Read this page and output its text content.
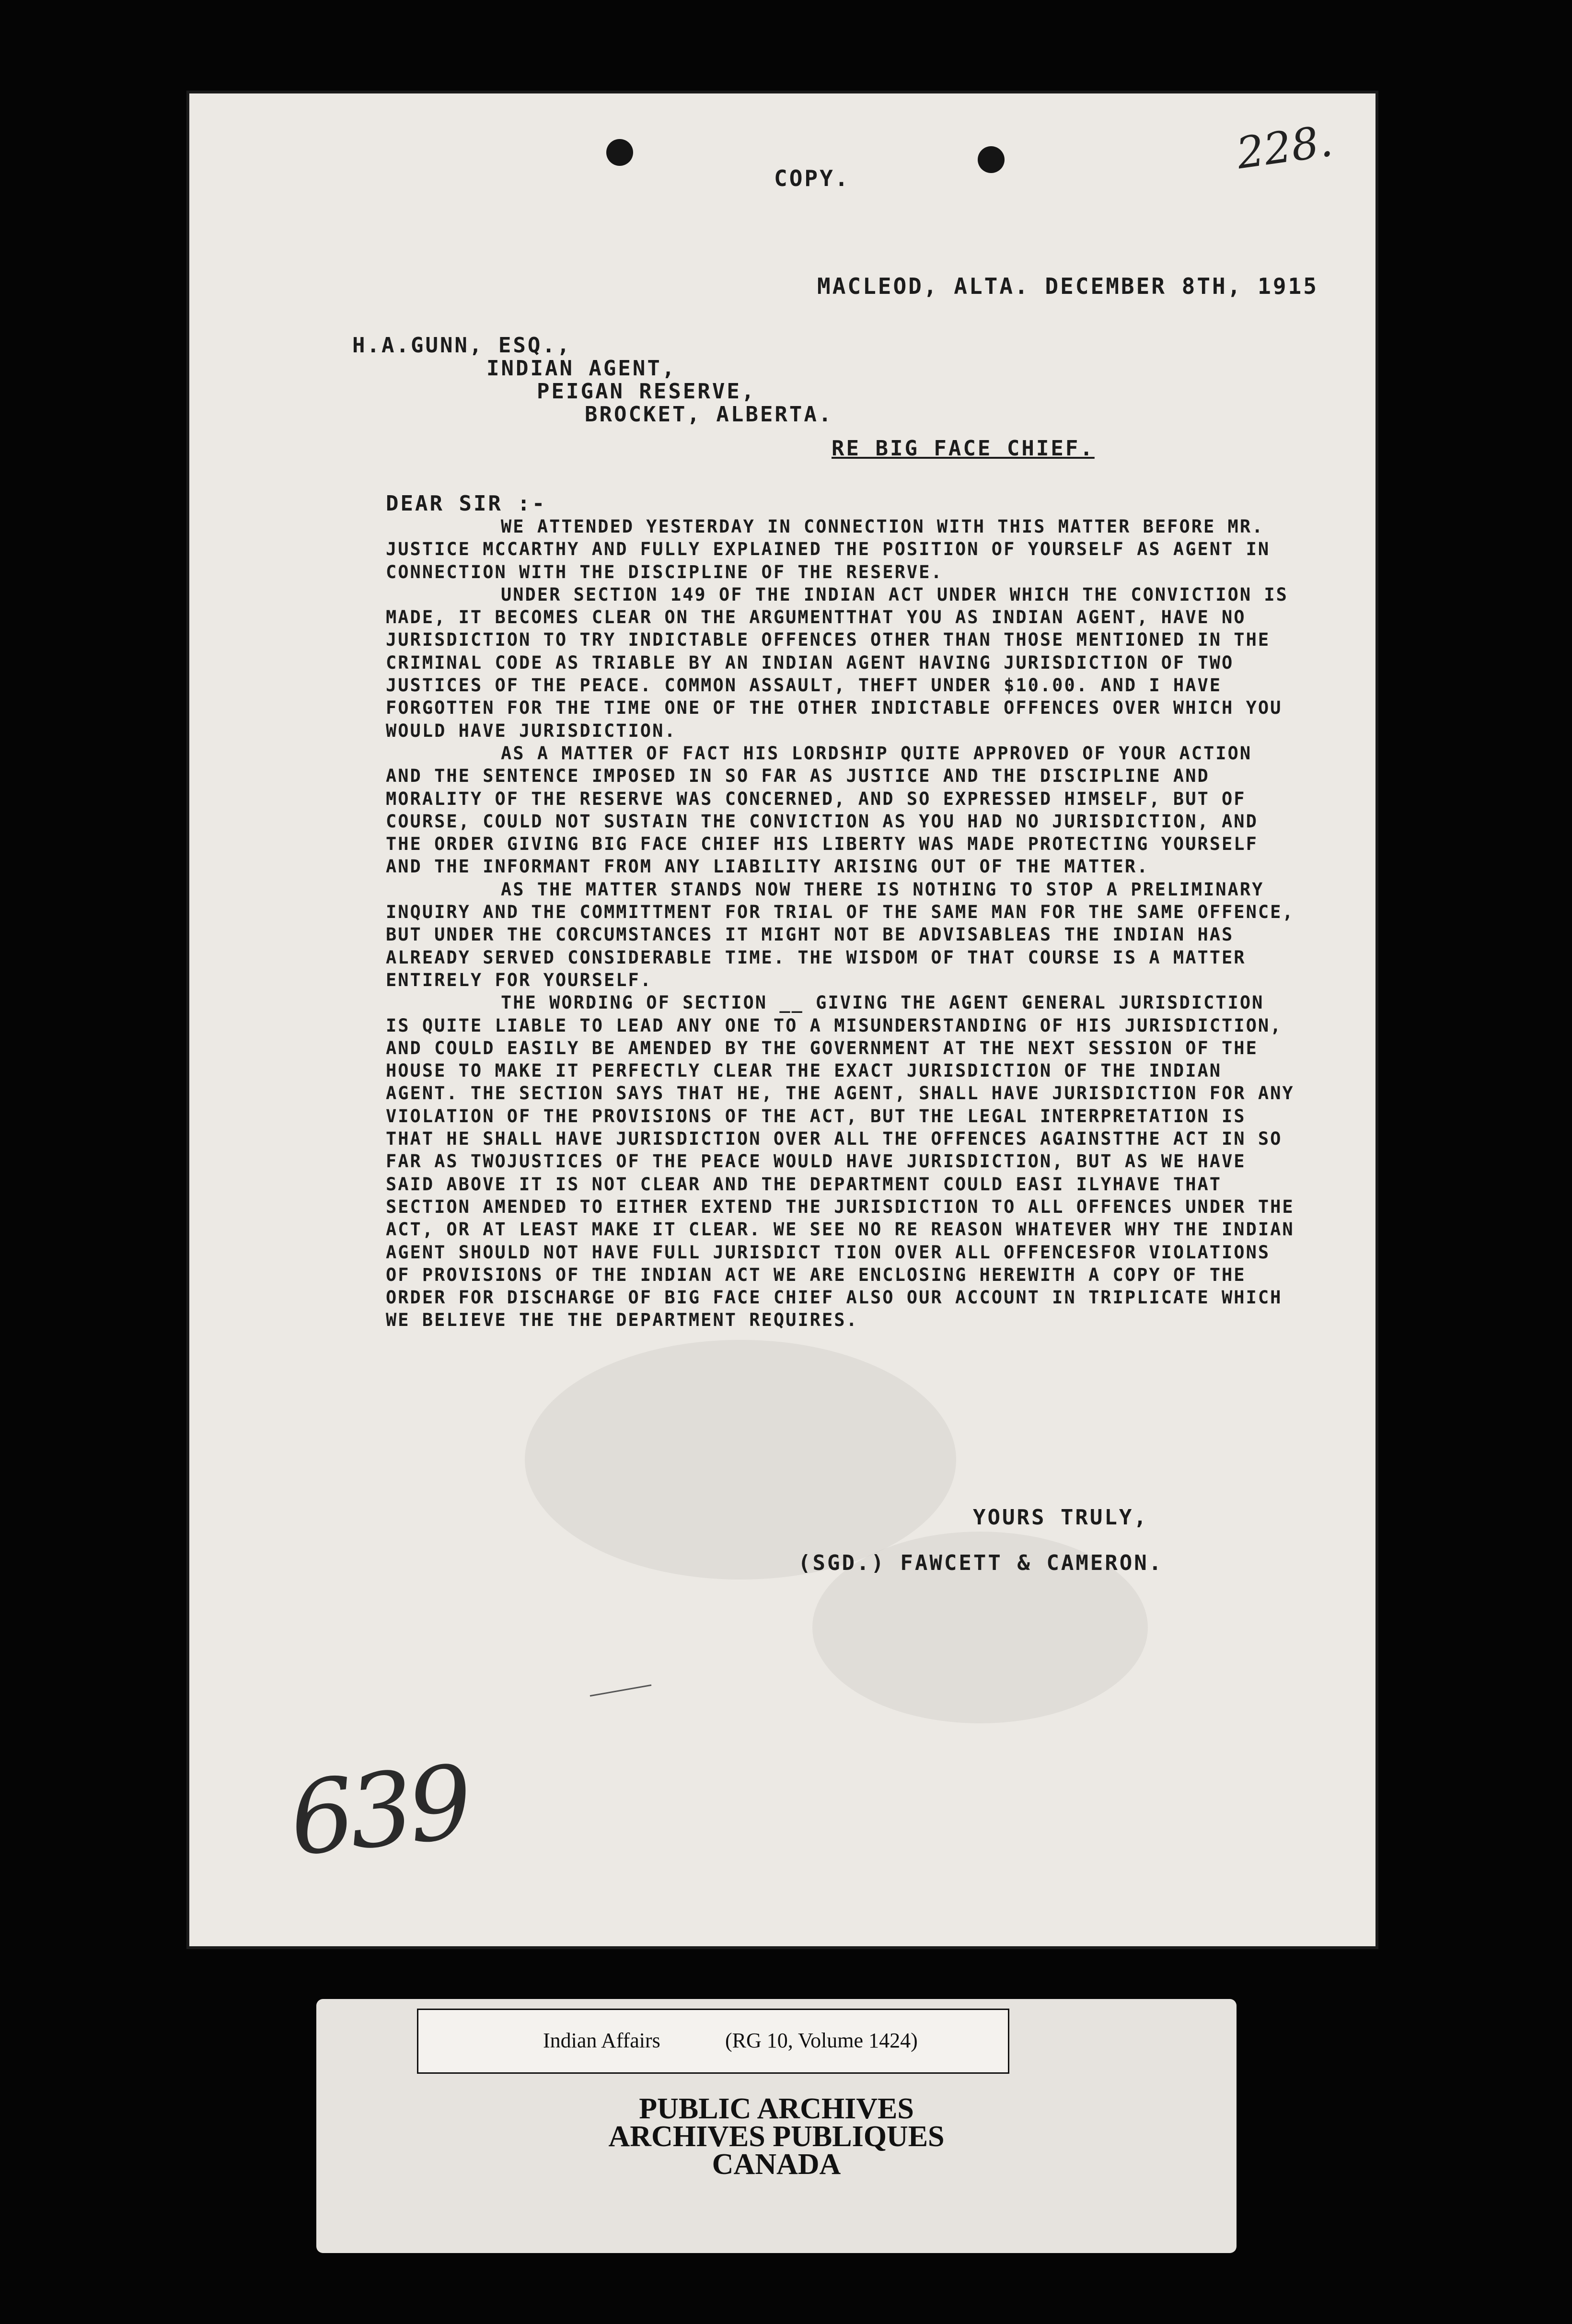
228.
COPY.
MACLEOD, ALTA. DECEMBER 8TH, 1915
H.A.GUNN, ESQ.,
INDIAN AGENT,
PEIGAN RESERVE,
BROCKET, ALBERTA.
RE BIG FACE CHIEF.
DEAR SIR :-

WE ATTENDED YESTERDAY IN CONNECTION WITH THIS MATTER BEFORE MR. JUSTICE MCCARTHY AND FULLY EXPLAINED THE POSITION OF YOURSELF AS AGENT IN CONNECTION WITH THE DISCIPLINE OF THE RESERVE.

UNDER SECTION 149 OF THE INDIAN ACT UNDER WHICH THE CONVICTION IS MADE, IT BECOMES CLEAR ON THE ARGUMENTTHAT YOU AS INDIAN AGENT, HAVE NO JURISDICTION TO TRY INDICTABLE OFFENCES OTHER THAN THOSE MENTIONED IN THE CRIMINAL CODE AS TRIABLE BY AN INDIAN AGENT HAVING JURISDICTION OF TWO JUSTICES OF THE PEACE. COMMON ASSAULT, THEFT UNDER $10.00. AND I HAVE FORGOTTEN FOR THE TIME ONE OF THE OTHER INDICTABLE OFFENCES OVER WHICH YOU WOULD HAVE JURISDICTION.

AS A MATTER OF FACT HIS LORDSHIP QUITE APPROVED OF YOUR ACTION AND THE SENTENCE IMPOSED IN SO FAR AS JUSTICE AND THE DISCIPLINE AND MORALITY OF THE RESERVE WAS CONCERNED, AND SO EXPRESSED HIMSELF, BUT OF COURSE, COULD NOT SUSTAIN THE CONVICTION AS YOU HAD NO JURISDICTION, AND THE ORDER GIVING BIG FACE CHIEF HIS LIBERTY WAS MADE PROTECTING YOURSELF AND THE INFORMANT FROM ANY LIABILITY ARISING OUT OF THE MATTER.

AS THE MATTER STANDS NOW THERE IS NOTHING TO STOP A PRELIMINARY INQUIRY AND THE COMMITTMENT FOR TRIAL OF THE SAME MAN FOR THE SAME OFFENCE, BUT UNDER THE CORCUMSTANCES IT MIGHT NOT BE ADVISABLEAS THE INDIAN HAS ALREADY SERVED CONSIDERABLE TIME. THE WISDOM OF THAT COURSE IS A MATTER ENTIRELY FOR YOURSELF.

THE WORDING OF SECTION __ GIVING THE AGENT GENERAL JURISDICTION IS QUITE LIABLE TO LEAD ANY ONE TO A MISUNDERSTANDING OF HIS JURISDICTION, AND COULD EASILY BE AMENDED BY THE GOVERNMENT AT THE NEXT SESSION OF THE HOUSE TO MAKE IT PERFECTLY CLEAR THE EXACT JURISDICTION OF THE INDIAN AGENT. THE SECTION SAYS THAT HE, THE AGENT, SHALL HAVE JURISDICTION FOR ANY VIOLATION OF THE PROVISIONS OF THE ACT, BUT THE LEGAL INTERPRETATION IS THAT HE SHALL HAVE JURISDICTION OVER ALL THE OFFENCES AGAINSTTHE ACT IN SO FAR AS TWOJUSTICES OF THE PEACE WOULD HAVE JURISDICTION, BUT AS WE HAVE SAID ABOVE IT IS NOT CLEAR AND THE DEPARTMENT COULD EASI ILYHAVE THAT SECTION AMENDED TO EITHER EXTEND THE JURISDICTION TO ALL OFFENCES UNDER THE ACT, OR AT LEAST MAKE IT CLEAR. WE SEE NO RE REASON WHATEVER WHY THE INDIAN AGENT SHOULD NOT HAVE FULL JURISDICT TION OVER ALL OFFENCESFOR VIOLATIONS OF PROVISIONS OF THE INDIAN ACT WE ARE ENCLOSING HEREWITH A COPY OF THE ORDER FOR DISCHARGE OF BIG FACE CHIEF ALSO OUR ACCOUNT IN TRIPLICATE WHICH WE BELIEVE THE THE DEPARTMENT REQUIRES.

YOURS TRULY,
(SGD.) FAWCETT & CAMERON.
639
Indian Affairs	(RG 10, Volume 1424)
PUBLIC ARCHIVES
ARCHIVES PUBLIQUES
CANADA
